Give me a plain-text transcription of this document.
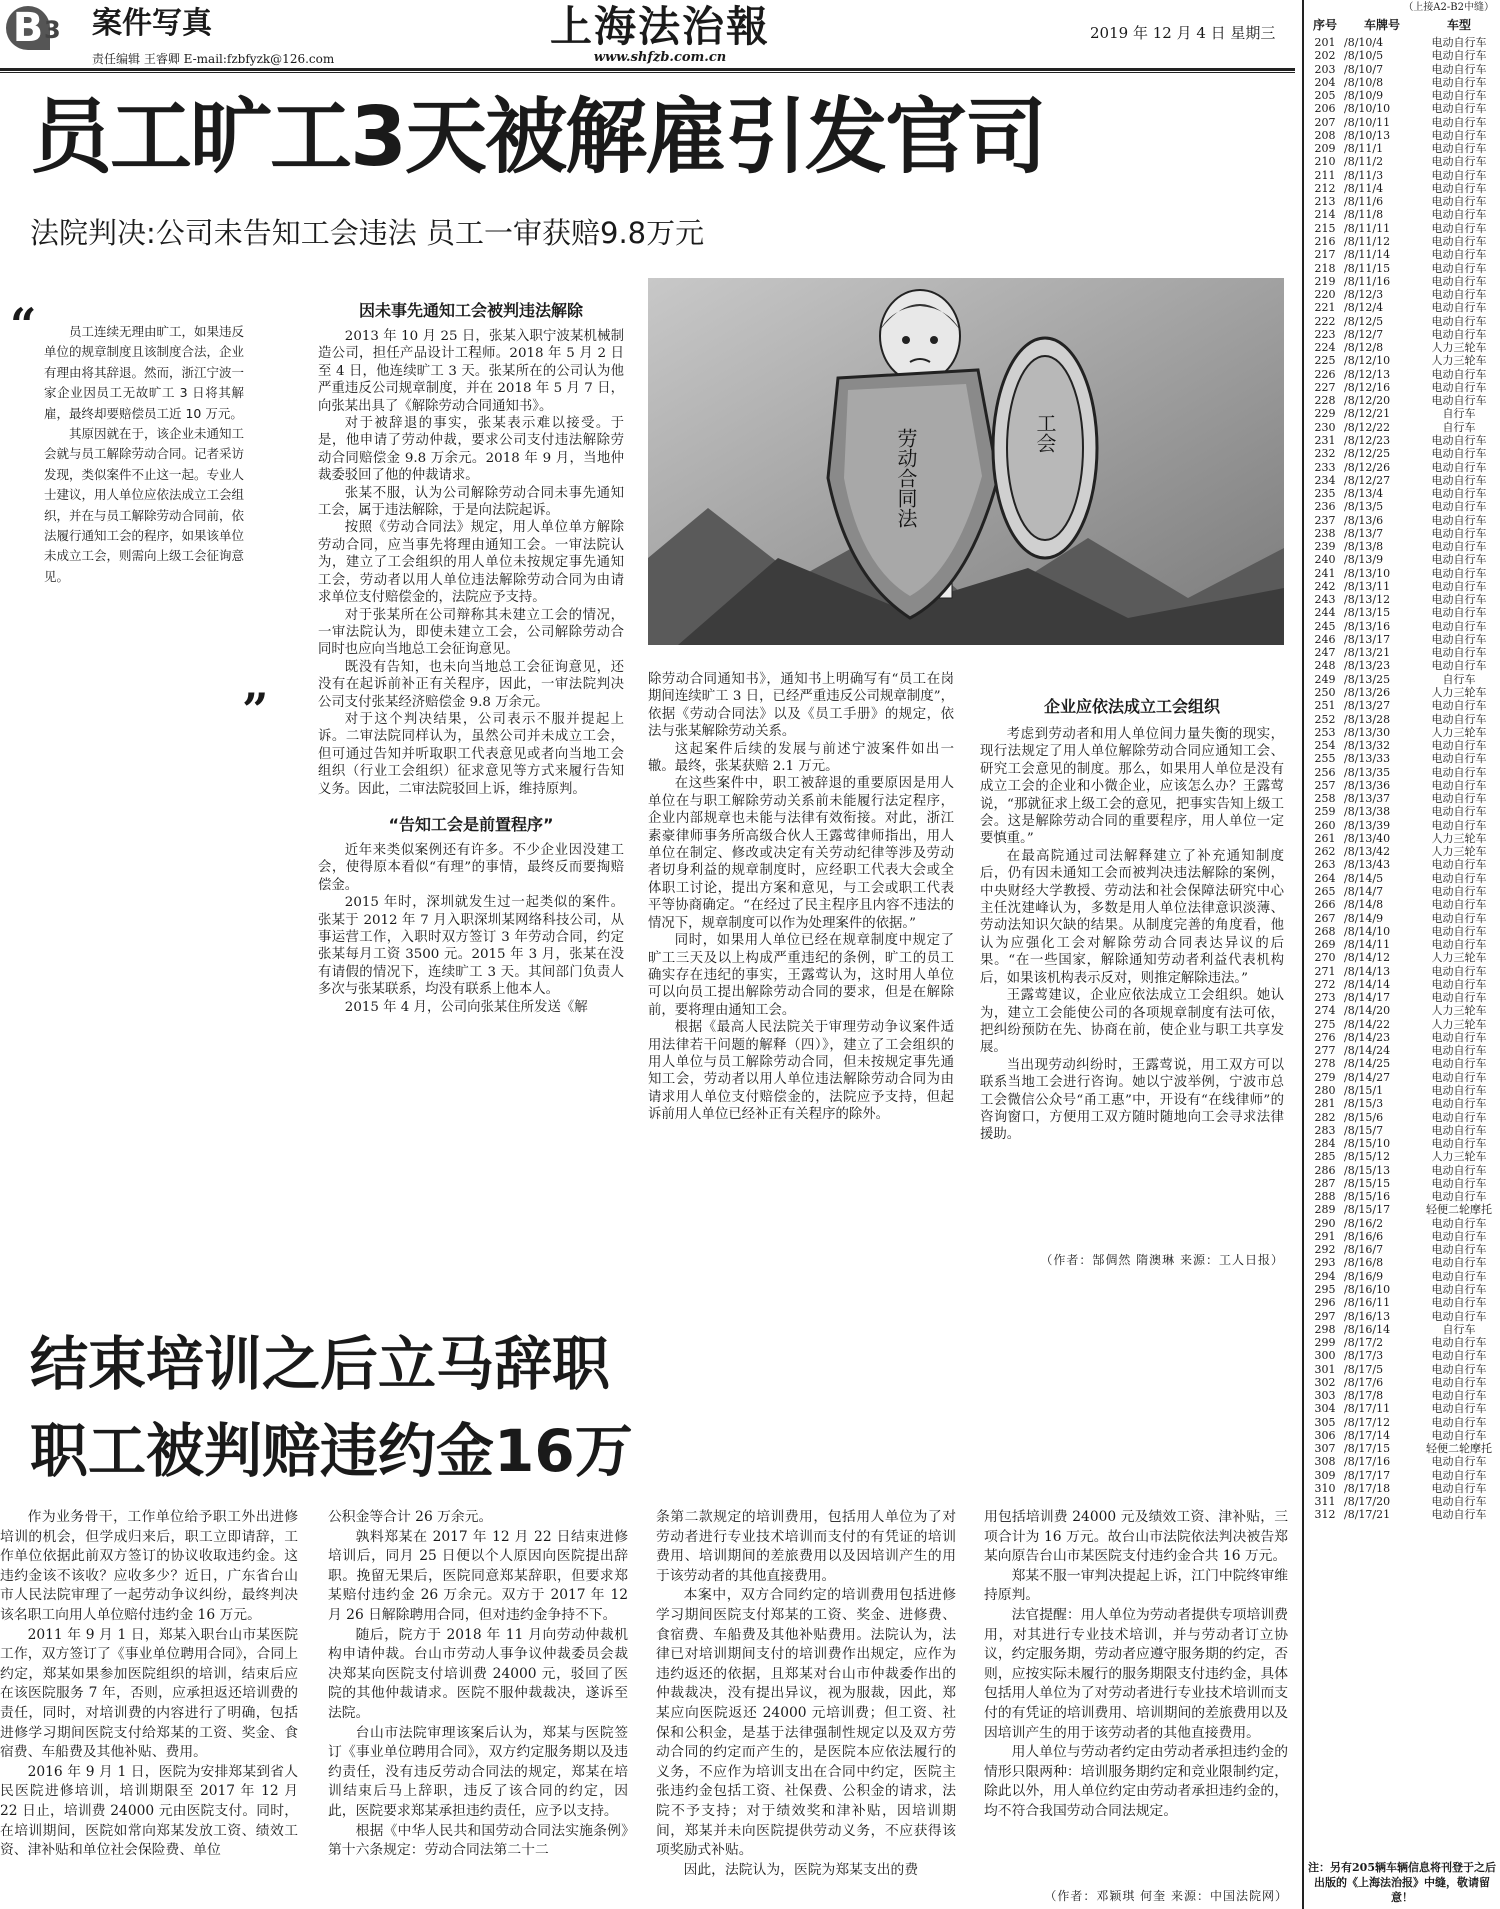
B 3 案件写真
责任编辑 王睿卿 E-mail:fzbfyzk@126.com
上海法治報
www.shfzb.com.cn
2019 年 12 月 4 日 星期三
员工旷工3天被解雇引发官司
法院判决:公司未告知工会违法 员工一审获赔9.8万元
“	员工连续无理由旷工，如果违反单位的规章制度且该制度合法，企业有理由将其辞退。然而，浙江宁波一家企业因员工无故旷工 3 日将其解雇，最终却要赔偿员工近 10 万元。

其原因就在于，该企业未通知工会就与员工解除劳动合同。记者采访发现，类似案件不止这一起。专业人士建议，用人单位应依法成立工会组织，并在与员工解除劳动合同前，依法履行通知工会的程序，如果该单位未成立工会，则需向上级工会征询意见。

”
因未事先通知工会被判违法解除

2013 年 10 月 25 日，张某入职宁波某机械制造公司，担任产品设计工程师。2018 年 5 月 2 日至 4 日，他连续旷工 3 天。张某所在的公司认为他严重违反公司规章制度，并在 2018 年 5 月 7 日，向张某出具了《解除劳动合同通知书》。

对于被辞退的事实，张某表示难以接受。于是，他申请了劳动仲裁，要求公司支付违法解除劳动合同赔偿金 9.8 万余元。2018 年 9 月，当地仲裁委驳回了他的仲裁请求。

张某不服，认为公司解除劳动合同未事先通知工会，属于违法解除，于是向法院起诉。

按照《劳动合同法》规定，用人单位单方解除劳动合同，应当事先将理由通知工会。一审法院认为，建立了工会组织的用人单位未按规定事先通知工会，劳动者以用人单位违法解除劳动合同为由请求单位支付赔偿金的，法院应予支持。

对于张某所在公司辩称其未建立工会的情况，一审法院认为，即使未建立工会，公司解除劳动合同时也应向当地总工会征询意见。

既没有告知，也未向当地总工会征询意见，还没有在起诉前补正有关程序，因此，一审法院判决公司支付张某经济赔偿金 9.8 万余元。

对于这个判决结果，公司表示不服并提起上诉。二审法院同样认为，虽然公司并未成立工会，但可通过告知并听取职工代表意见或者向当地工会组织（行业工会组织）征求意见等方式来履行告知义务。因此，二审法院驳回上诉，维持原判。

“告知工会是前置程序”

近年来类似案例还有许多。不少企业因没建工会，使得原本看似“有理”的事情，最终反而要掏赔偿金。

2015 年时，深圳就发生过一起类似的案件。张某于 2012 年 7 月入职深圳某网络科技公司，从事运营工作，入职时双方签订 3 年劳动合同，约定张某每月工资 3500 元。2015 年 3 月，张某在没有请假的情况下，连续旷工 3 天。其间部门负责人多次与张某联系，均没有联系上他本人。

2015 年 4 月，公司向张某住所发送《解

劳动合同法	工会

除劳动合同通知书》，通知书上明确写有“员工在岗期间连续旷工 3 日，已经严重违反公司规章制度”，依据《劳动合同法》以及《员工手册》的规定，依法与张某解除劳动关系。

这起案件后续的发展与前述宁波案件如出一辙。最终，张某获赔 2.1 万元。

在这些案件中，职工被辞退的重要原因是用人单位在与职工解除劳动关系前未能履行法定程序，企业内部规章也未能与法律有效衔接。对此，浙江素豪律师事务所高级合伙人王露莺律师指出，用人单位在制定、修改或决定有关劳动纪律等涉及劳动者切身利益的规章制度时，应经职工代表大会或全体职工讨论，提出方案和意见，与工会或职工代表平等协商确定。“在经过了民主程序且内容不违法的情况下，规章制度可以作为处理案件的依据。”

同时，如果用人单位已经在规章制度中规定了旷工三天及以上构成严重违纪的条例，旷工的员工确实存在违纪的事实，王露莺认为，这时用人单位可以向员工提出解除劳动合同的要求，但是在解除前，要将理由通知工会。

根据《最高人民法院关于审理劳动争议案件适用法律若干问题的解释（四）》，建立了工会组织的用人单位与员工解除劳动合同，但未按规定事先通知工会，劳动者以用人单位违法解除劳动合同为由请求用人单位支付赔偿金的，法院应予支持，但起诉前用人单位已经补正有关程序的除外。

企业应依法成立工会组织

考虑到劳动者和用人单位间力量失衡的现实，现行法规定了用人单位解除劳动合同应通知工会、研究工会意见的制度。那么，如果用人单位是没有成立工会的企业和小微企业，应该怎么办？王露莺说，“那就征求上级工会的意见，把事实告知上级工会。这是解除劳动合同的重要程序，用人单位一定要慎重。”

在最高院通过司法解释建立了补充通知制度后，仍有因未通知工会而被判决违法解除的案例，中央财经大学教授、劳动法和社会保障法研究中心主任沈建峰认为，多数是用人单位法律意识淡薄、劳动法知识欠缺的结果。从制度完善的角度看，他认为应强化工会对解除劳动合同表达异议的后果。“在一些国家，解除通知劳动者利益代表机构后，如果该机构表示反对，则推定解除违法。”

王露莺建议，企业应依法成立工会组织。她认为，建立工会能使公司的各项规章制度有法可依，把纠纷预防在先、协商在前，使企业与职工共享发展。

当出现劳动纠纷时，王露莺说，用工双方可以联系当地工会进行咨询。她以宁波举例，宁波市总工会微信公众号“甬工惠”中，开设有“在线律师”的咨询窗口，方便用工双方随时随地向工会寻求法律援助。

（作者：郜倜然 隋澳琳 来源：工人日报）
结束培训之后立马辞职
职工被判赔违约金16万

作为业务骨干，工作单位给予职工外出进修培训的机会，但学成归来后，职工立即请辞，工作单位依据此前双方签订的协议收取违约金。这违约金该不该收？应收多少？近日，广东省台山市人民法院审理了一起劳动争议纠纷，最终判决该名职工向用人单位赔付违约金 16 万元。

2011 年 9 月 1 日，郑某入职台山市某医院工作，双方签订了《事业单位聘用合同》，合同上约定，郑某如果参加医院组织的培训，结束后应在该医院服务 7 年，否则，应承担返还培训费的责任，同时，对培训费的内容进行了明确，包括进修学习期间医院支付给郑某的工资、奖金、食宿费、车船费及其他补贴、费用。

2016 年 9 月 1 日，医院为安排郑某到省人民医院进修培训，培训期限至 2017 年 12 月 22 日止，培训费 24000 元由医院支付。同时，在培训期间，医院如常向郑某发放工资、绩效工资、津补贴和单位社会保险费、单位

公积金等合计 26 万余元。

孰料郑某在 2017 年 12 月 22 日结束进修培训后，同月 25 日便以个人原因向医院提出辞职。挽留无果后，医院同意郑某辞职，但要求郑某赔付违约金 26 万余元。双方于 2017 年 12 月 26 日解除聘用合同，但对违约金争持不下。

随后，院方于 2018 年 11 月向劳动仲裁机构申请仲裁。台山市劳动人事争议仲裁委员会裁决郑某向医院支付培训费 24000 元，驳回了医院的其他仲裁请求。医院不服仲裁裁决，遂诉至法院。

台山市法院审理该案后认为，郑某与医院签订《事业单位聘用合同》，双方约定服务期以及违约责任，没有违反劳动合同法的规定，郑某在培训结束后马上辞职，违反了该合同的约定，因此，医院要求郑某承担违约责任，应予以支持。

根据《中华人民共和国劳动合同法实施条例》第十六条规定：劳动合同法第二十二

条第二款规定的培训费用，包括用人单位为了对劳动者进行专业技术培训而支付的有凭证的培训费用、培训期间的差旅费用以及因培训产生的用于该劳动者的其他直接费用。

本案中，双方合同约定的培训费用包括进修学习期间医院支付郑某的工资、奖金、进修费、食宿费、车船费及其他补贴费用。法院认为，法律已对培训期间支付的培训费作出规定，应作为违约返还的依据，且郑某对台山市仲裁委作出的仲裁裁决，没有提出异议，视为服裁，因此，郑某应向医院返还 24000 元培训费；但工资、社保和公积金，是基于法律强制性规定以及双方劳动合同的约定而产生的，是医院本应依法履行的义务，不应作为培训支出在合同中约定，医院主张违约金包括工资、社保费、公积金的请求，法院不予支持；对于绩效奖和津补贴，因培训期间，郑某并未向医院提供劳动义务，不应获得该项奖励式补贴。

因此，法院认为，医院为郑某支出的费

用包括培训费 24000 元及绩效工资、津补贴，三项合计为 16 万元。故台山市法院依法判决被告郑某向原告台山市某医院支付违约金合共 16 万元。

郑某不服一审判决提起上诉，江门中院终审维持原判。

法官提醒：用人单位为劳动者提供专项培训费用，对其进行专业技术培训，并与劳动者订立协议，约定服务期，劳动者应遵守服务期的约定，否则，应按实际未履行的服务期限支付违约金，具体包括用人单位为了对劳动者进行专业技术培训而支付的有凭证的培训费用、培训期间的差旅费用以及因培训产生的用于该劳动者的其他直接费用。

用人单位与劳动者约定由劳动者承担违约金的情形只限两种：培训服务期约定和竞业限制约定，除此以外，用人单位约定由劳动者承担违约金的，均不符合我国劳动合同法规定。

（作者：邓颖琪 何奎 来源：中国法院网）
（上接A2-B2中缝）
序号	车牌号	车型
201 /8/10/4	电动自行车
202 /8/10/5	电动自行车
203 /8/10/7	电动自行车
204 /8/10/8	电动自行车
205 /8/10/9	电动自行车
206 /8/10/10	电动自行车
207 /8/10/11	电动自行车
208 /8/10/13	电动自行车
209 /8/11/1	电动自行车
210 /8/11/2	电动自行车
211 /8/11/3	电动自行车
212 /8/11/4	电动自行车
213 /8/11/6	电动自行车
214 /8/11/8	电动自行车
215 /8/11/11	电动自行车
216 /8/11/12	电动自行车
217 /8/11/14	电动自行车
218 /8/11/15	电动自行车
219 /8/11/16	电动自行车
220 /8/12/3	电动自行车
221 /8/12/4	电动自行车
222 /8/12/5	电动自行车
223 /8/12/7	电动自行车
224 /8/12/8	人力三轮车
225 /8/12/10	人力三轮车
226 /8/12/13	电动自行车
227 /8/12/16	电动自行车
228 /8/12/20	电动自行车
229 /8/12/21	自行车
230 /8/12/22	自行车
231 /8/12/23	电动自行车
232 /8/12/25	电动自行车
233 /8/12/26	电动自行车
234 /8/12/27	电动自行车
235 /8/13/4	电动自行车
236 /8/13/5	电动自行车
237 /8/13/6	电动自行车
238 /8/13/7	电动自行车
239 /8/13/8	电动自行车
240 /8/13/9	电动自行车
241 /8/13/10	电动自行车
242 /8/13/11	电动自行车
243 /8/13/12	电动自行车
244 /8/13/15	电动自行车
245 /8/13/16	电动自行车
246 /8/13/17	电动自行车
247 /8/13/21	电动自行车
248 /8/13/23	电动自行车
249 /8/13/25	自行车
250 /8/13/26	人力三轮车
251 /8/13/27	电动自行车
252 /8/13/28	电动自行车
253 /8/13/30	人力三轮车
254 /8/13/32	电动自行车
255 /8/13/33	电动自行车
256 /8/13/35	电动自行车
257 /8/13/36	电动自行车
258 /8/13/37	电动自行车
259 /8/13/38	电动自行车
260 /8/13/39	电动自行车
261 /8/13/40	人力三轮车
262 /8/13/42	人力三轮车
263 /8/13/43	电动自行车
264 /8/14/5	电动自行车
265 /8/14/7	电动自行车
266 /8/14/8	电动自行车
267 /8/14/9	电动自行车
268 /8/14/10	电动自行车
269 /8/14/11	电动自行车
270 /8/14/12	人力三轮车
271 /8/14/13	电动自行车
272 /8/14/14	电动自行车
273 /8/14/17	电动自行车
274 /8/14/20	人力三轮车
275 /8/14/22	人力三轮车
276 /8/14/23	电动自行车
277 /8/14/24	电动自行车
278 /8/14/25	电动自行车
279 /8/14/27	电动自行车
280 /8/15/1	电动自行车
281 /8/15/3	电动自行车
282 /8/15/6	电动自行车
283 /8/15/7	电动自行车
284 /8/15/10	电动自行车
285 /8/15/12	人力三轮车
286 /8/15/13	电动自行车
287 /8/15/15	电动自行车
288 /8/15/16	电动自行车
289 /8/15/17	轻便二轮摩托
290 /8/16/2	电动自行车
291 /8/16/6	电动自行车
292 /8/16/7	电动自行车
293 /8/16/8	电动自行车
294 /8/16/9	电动自行车
295 /8/16/10	电动自行车
296 /8/16/11	电动自行车
297 /8/16/13	电动自行车
298 /8/16/14	自行车
299 /8/17/2	电动自行车
300 /8/17/3	电动自行车
301 /8/17/5	电动自行车
302 /8/17/6	电动自行车
303 /8/17/8	电动自行车
304 /8/17/11	电动自行车
305 /8/17/12	电动自行车
306 /8/17/14	电动自行车
307 /8/17/15	轻便二轮摩托
308 /8/17/16	电动自行车
309 /8/17/17	电动自行车
310 /8/17/18	电动自行车
311 /8/17/20	电动自行车
312 /8/17/21	电动自行车
注：另有205辆车辆信息将刊登于之后出版的《上海法治报》中缝，敬请留意！
